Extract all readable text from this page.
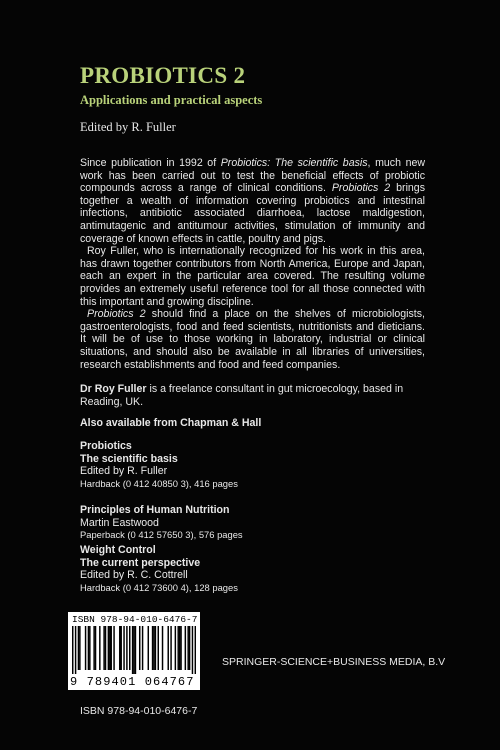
PROBIOTICS 2
Applications and practical aspects
Edited by R. Fuller

Since publication in 1992 of Probiotics: The scientific basis, much new work has been carried out to test the beneficial effects of probiotic compounds across a range of clinical conditions. Probiotics 2 brings together a wealth of information covering probiotics and intestinal infections, antibiotic associated diarrhoea, lactose maldigestion, antimutagenic and antitumour activities, stimulation of immunity and coverage of known effects in cattle, poultry and pigs.

Roy Fuller, who is internationally recognized for his work in this area, has drawn together contributors from North America, Europe and Japan, each an expert in the particular area covered. The resulting volume provides an extremely useful reference tool for all those connected with this important and growing discipline.

Probiotics 2 should find a place on the shelves of microbiologists, gastroenterologists, food and feed scientists, nutritionists and dieticians. It will be of use to those working in laboratory, industrial or clinical situations, and should also be available in all libraries of universities, research establishments and food and feed companies.

Dr Roy Fuller is a freelance consultant in gut microecology, based in Reading, UK.
Also available from Chapman & Hall
Probiotics
The scientific basis
Edited by R. Fuller
Hardback (0 412 40850 3), 416 pages
Principles of Human Nutrition
Martin Eastwood
Paperback (0 412 57650 3), 576 pages
Weight Control
The current perspective
Edited by R. C. Cottrell
Hardback (0 412 73600 4), 128 pages
ISBN 978-94-010-6476-7
9 789401 064767
SPRINGER-SCIENCE+BUSINESS MEDIA, B.V
ISBN 978-94-010-6476-7
